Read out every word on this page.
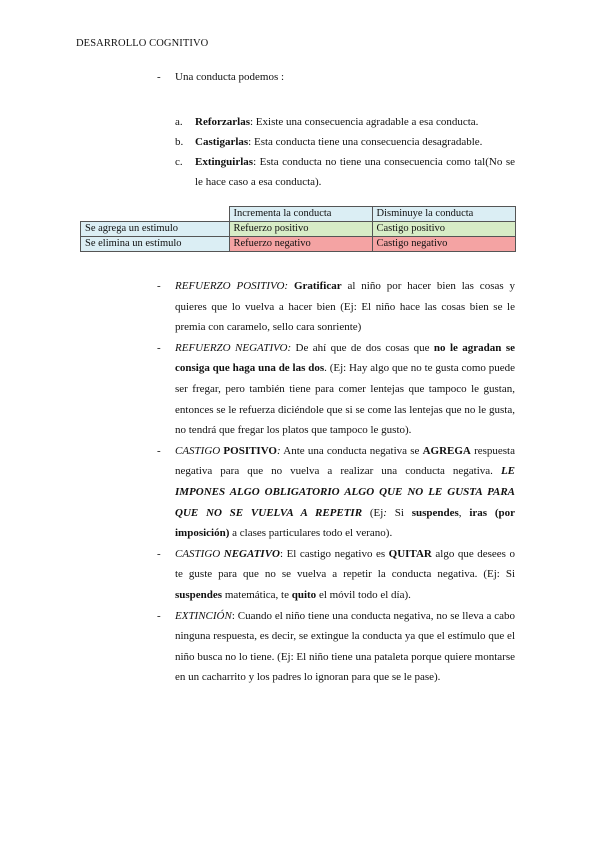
DESARROLLO COGNITIVO
- Una conducta podemos :
a.	Reforzarlas: Existe una consecuencia agradable a esa conducta.
b.	Castigarlas: Esta conducta tiene una consecuencia desagradable.
c.	Extinguirlas: Esta conducta no tiene una consecuencia como tal(No se le hace caso a esa conducta).
	Incrementa la conducta	Disminuye la conducta
Se agrega un estimulo	Refuerzo positivo	Castigo positivo
Se elimina un estímulo	Refuerzo negativo	Castigo negativo
-	REFUERZO POSITIVO: Gratificar al niño por hacer bien las cosas y quieres que lo vuelva a hacer bien (Ej: El niño hace las cosas bien se le premia con caramelo, sello cara sonriente)
-	REFUERZO NEGATIVO: De ahí que de dos cosas que no le agradan se consiga que haga una de las dos. (Ej: Hay algo que no te gusta como puede ser fregar, pero también tiene para comer lentejas que tampoco le gustan, entonces se le refuerza diciéndole que si se come las lentejas que no le gusta, no tendrá que fregar los platos que tampoco le gusto).
-	CASTIGO POSITIVO: Ante una conducta negativa se AGREGA respuesta negativa para que no vuelva a realizar una conducta negativa. LE IMPONES ALGO OBLIGATORIO ALGO QUE NO LE GUSTA PARA QUE NO SE VUELVA A REPETIR (Ej: Si suspendes, iras (por imposición) a clases particulares todo el verano).
-	CASTIGO NEGATIVO: El castigo negativo es QUITAR algo que desees o te guste para que no se vuelva a repetir la conducta negativa. (Ej: Si suspendes matemática, te quito el móvil todo el día).
-	EXTINCIÓN: Cuando el niño tiene una conducta negativa, no se lleva a cabo ninguna respuesta, es decir, se extingue la conducta ya que el estímulo que el niño busca no lo tiene. (Ej: El niño tiene una pataleta porque quiere montarse en un cacharrito y los padres lo ignoran para que se le pase).
